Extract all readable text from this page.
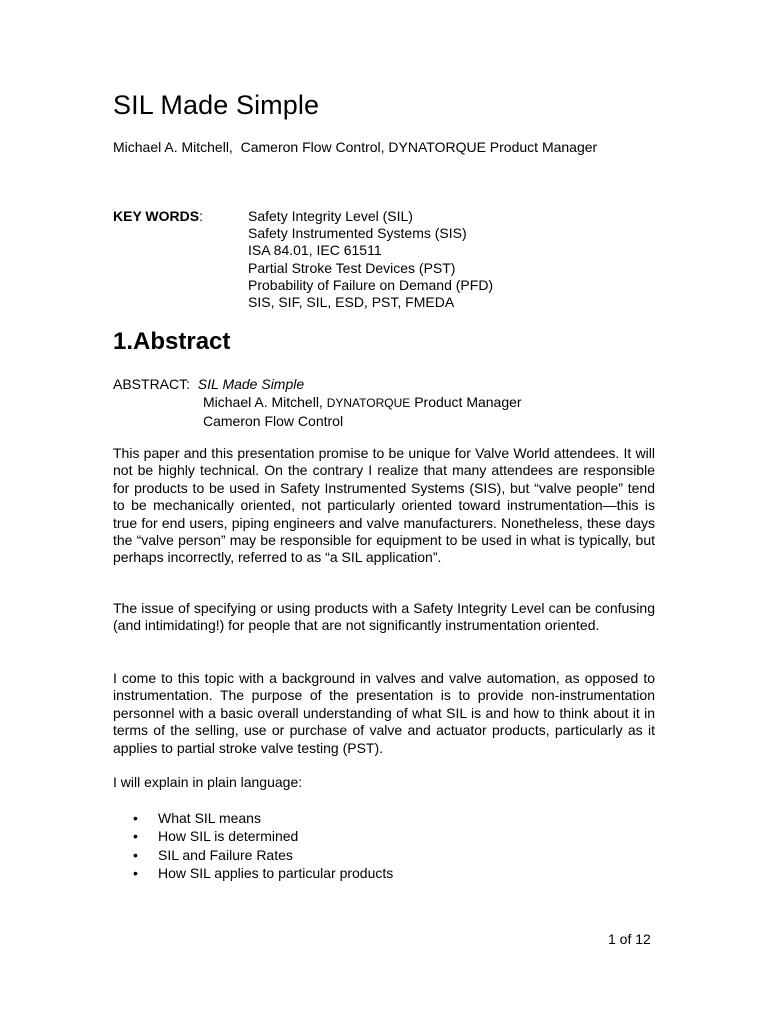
SIL Made Simple
Michael A. Mitchell,  Cameron Flow Control, DYNATORQUE Product Manager
KEY WORDS:	Safety Integrity Level (SIL)
Safety Instrumented Systems (SIS)
ISA 84.01, IEC 61511
Partial Stroke Test Devices (PST)
Probability of Failure on Demand (PFD)
SIS, SIF, SIL, ESD, PST, FMEDA
1.Abstract
ABSTRACT: SIL Made Simple
Michael A. Mitchell, DYNATORQUE Product Manager
Cameron Flow Control

This paper and this presentation promise to be unique for Valve World attendees. It will not be highly technical. On the contrary I realize that many attendees are responsible for products to be used in Safety Instrumented Systems (SIS), but “valve people” tend to be mechanically oriented, not particularly oriented toward instrumentation—this is true for end users, piping engineers and valve manufacturers. Nonetheless, these days the “valve person” may be responsible for equipment to be used in what is typically, but perhaps incorrectly, referred to as “a SIL application”.

The issue of specifying or using products with a Safety Integrity Level can be confusing (and intimidating!) for people that are not significantly instrumentation oriented.

I come to this topic with a background in valves and valve automation, as opposed to instrumentation. The purpose of the presentation is to provide non-instrumentation personnel with a basic overall understanding of what SIL is and how to think about it in terms of the selling, use or purchase of valve and actuator products, particularly as it applies to partial stroke valve testing (PST).

I will explain in plain language:

• What SIL means
• How SIL is determined
• SIL and Failure Rates
• How SIL applies to particular products
1 of 12
